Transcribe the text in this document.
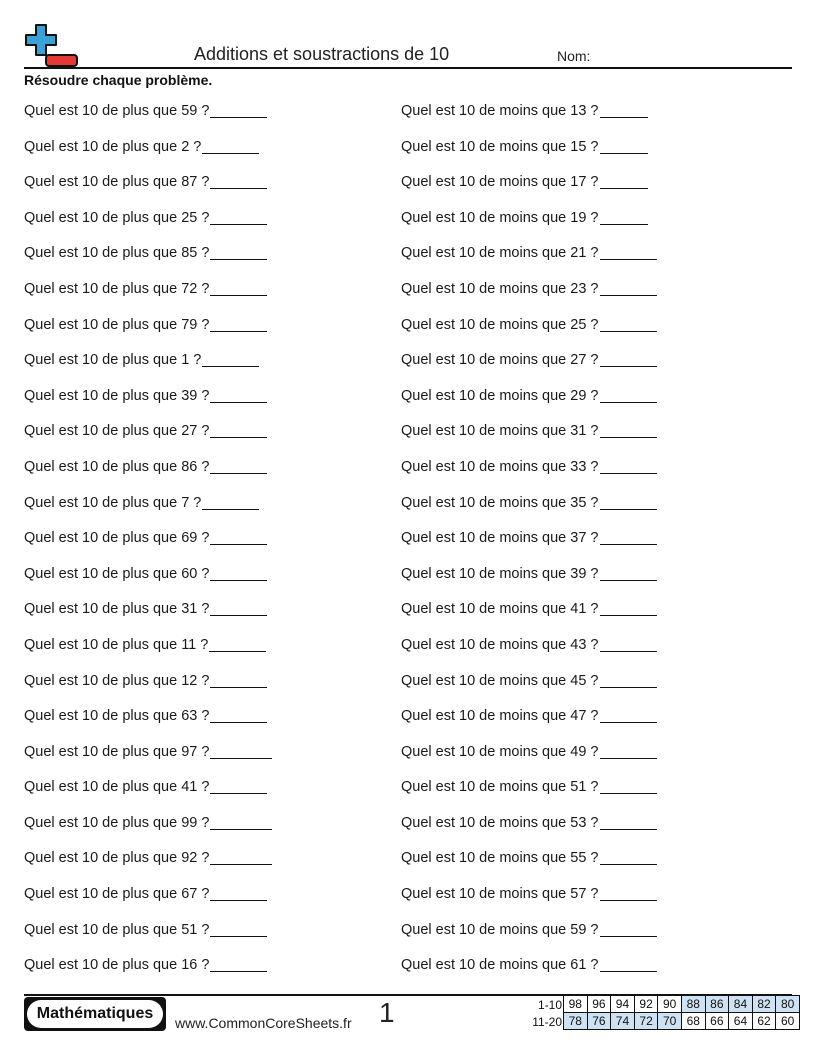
Additions et soustractions de 10	Nom:
Résoudre chaque problème.
Quel est 10 de plus que 59 ?
Quel est 10 de plus que 2 ?
Quel est 10 de plus que 87 ?
Quel est 10 de plus que 25 ?
Quel est 10 de plus que 85 ?
Quel est 10 de plus que 72 ?
Quel est 10 de plus que 79 ?
Quel est 10 de plus que 1 ?
Quel est 10 de plus que 39 ?
Quel est 10 de plus que 27 ?
Quel est 10 de plus que 86 ?
Quel est 10 de plus que 7 ?
Quel est 10 de plus que 69 ?
Quel est 10 de plus que 60 ?
Quel est 10 de plus que 31 ?
Quel est 10 de plus que 11 ?
Quel est 10 de plus que 12 ?
Quel est 10 de plus que 63 ?
Quel est 10 de plus que 97 ?
Quel est 10 de plus que 41 ?
Quel est 10 de plus que 99 ?
Quel est 10 de plus que 92 ?
Quel est 10 de plus que 67 ?
Quel est 10 de plus que 51 ?
Quel est 10 de plus que 16 ?
Quel est 10 de moins que 13 ?
Quel est 10 de moins que 15 ?
Quel est 10 de moins que 17 ?
Quel est 10 de moins que 19 ?
Quel est 10 de moins que 21 ?
Quel est 10 de moins que 23 ?
Quel est 10 de moins que 25 ?
Quel est 10 de moins que 27 ?
Quel est 10 de moins que 29 ?
Quel est 10 de moins que 31 ?
Quel est 10 de moins que 33 ?
Quel est 10 de moins que 35 ?
Quel est 10 de moins que 37 ?
Quel est 10 de moins que 39 ?
Quel est 10 de moins que 41 ?
Quel est 10 de moins que 43 ?
Quel est 10 de moins que 45 ?
Quel est 10 de moins que 47 ?
Quel est 10 de moins que 49 ?
Quel est 10 de moins que 51 ?
Quel est 10 de moins que 53 ?
Quel est 10 de moins que 55 ?
Quel est 10 de moins que 57 ?
Quel est 10 de moins que 59 ?
Quel est 10 de moins que 61 ?
Mathématiques
www.CommonCoreSheets.fr 1	1-10 98 96 94 92 90 88 86 84 82 80
11-20 78 76 74 72 70 68 66 64 62 60
